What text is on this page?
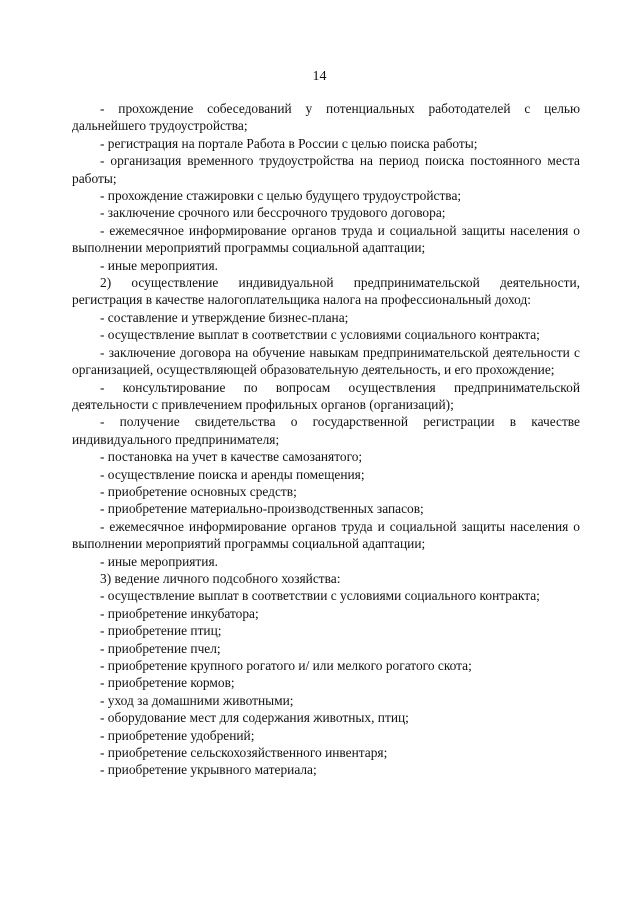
14

- прохождение собеседований у потенциальных работодателей с целью дальнейшего трудоустройства;

- регистрация на портале Работа в России с целью поиска работы;

- организация временного трудоустройства на период поиска постоянного места работы;

- прохождение стажировки с целью будущего трудоустройства;

- заключение срочного или бессрочного трудового договора;

- ежемесячное информирование органов труда и социальной защиты населения о выполнении мероприятий программы социальной адаптации;

- иные мероприятия.

2) осуществление индивидуальной предпринимательской деятельности, регистрация в качестве налогоплательщика налога на профессиональный доход:

- составление и утверждение бизнес-плана;

- осуществление выплат в соответствии с условиями социального контракта;

- заключение договора на обучение навыкам предпринимательской деятельности с организацией, осуществляющей образовательную деятельность, и его прохождение;

- консультирование по вопросам осуществления предпринимательской деятельности с привлечением профильных органов (организаций);

- получение свидетельства о государственной регистрации в качестве индивидуального предпринимателя;

- постановка на учет в качестве самозанятого;

- осуществление поиска и аренды помещения;

- приобретение основных средств;

- приобретение материально-производственных запасов;

- ежемесячное информирование органов труда и социальной защиты населения о выполнении мероприятий программы социальной адаптации;

- иные мероприятия.

3) ведение личного подсобного хозяйства:

- осуществление выплат в соответствии с условиями социального контракта;

- приобретение инкубатора;

- приобретение птиц;

- приобретение пчел;

- приобретение крупного рогатого и/ или мелкого рогатого скота;

- приобретение кормов;

- уход за домашними животными;

- оборудование мест для содержания животных, птиц;

- приобретение удобрений;

- приобретение сельскохозяйственного инвентаря;

- приобретение укрывного материала;
